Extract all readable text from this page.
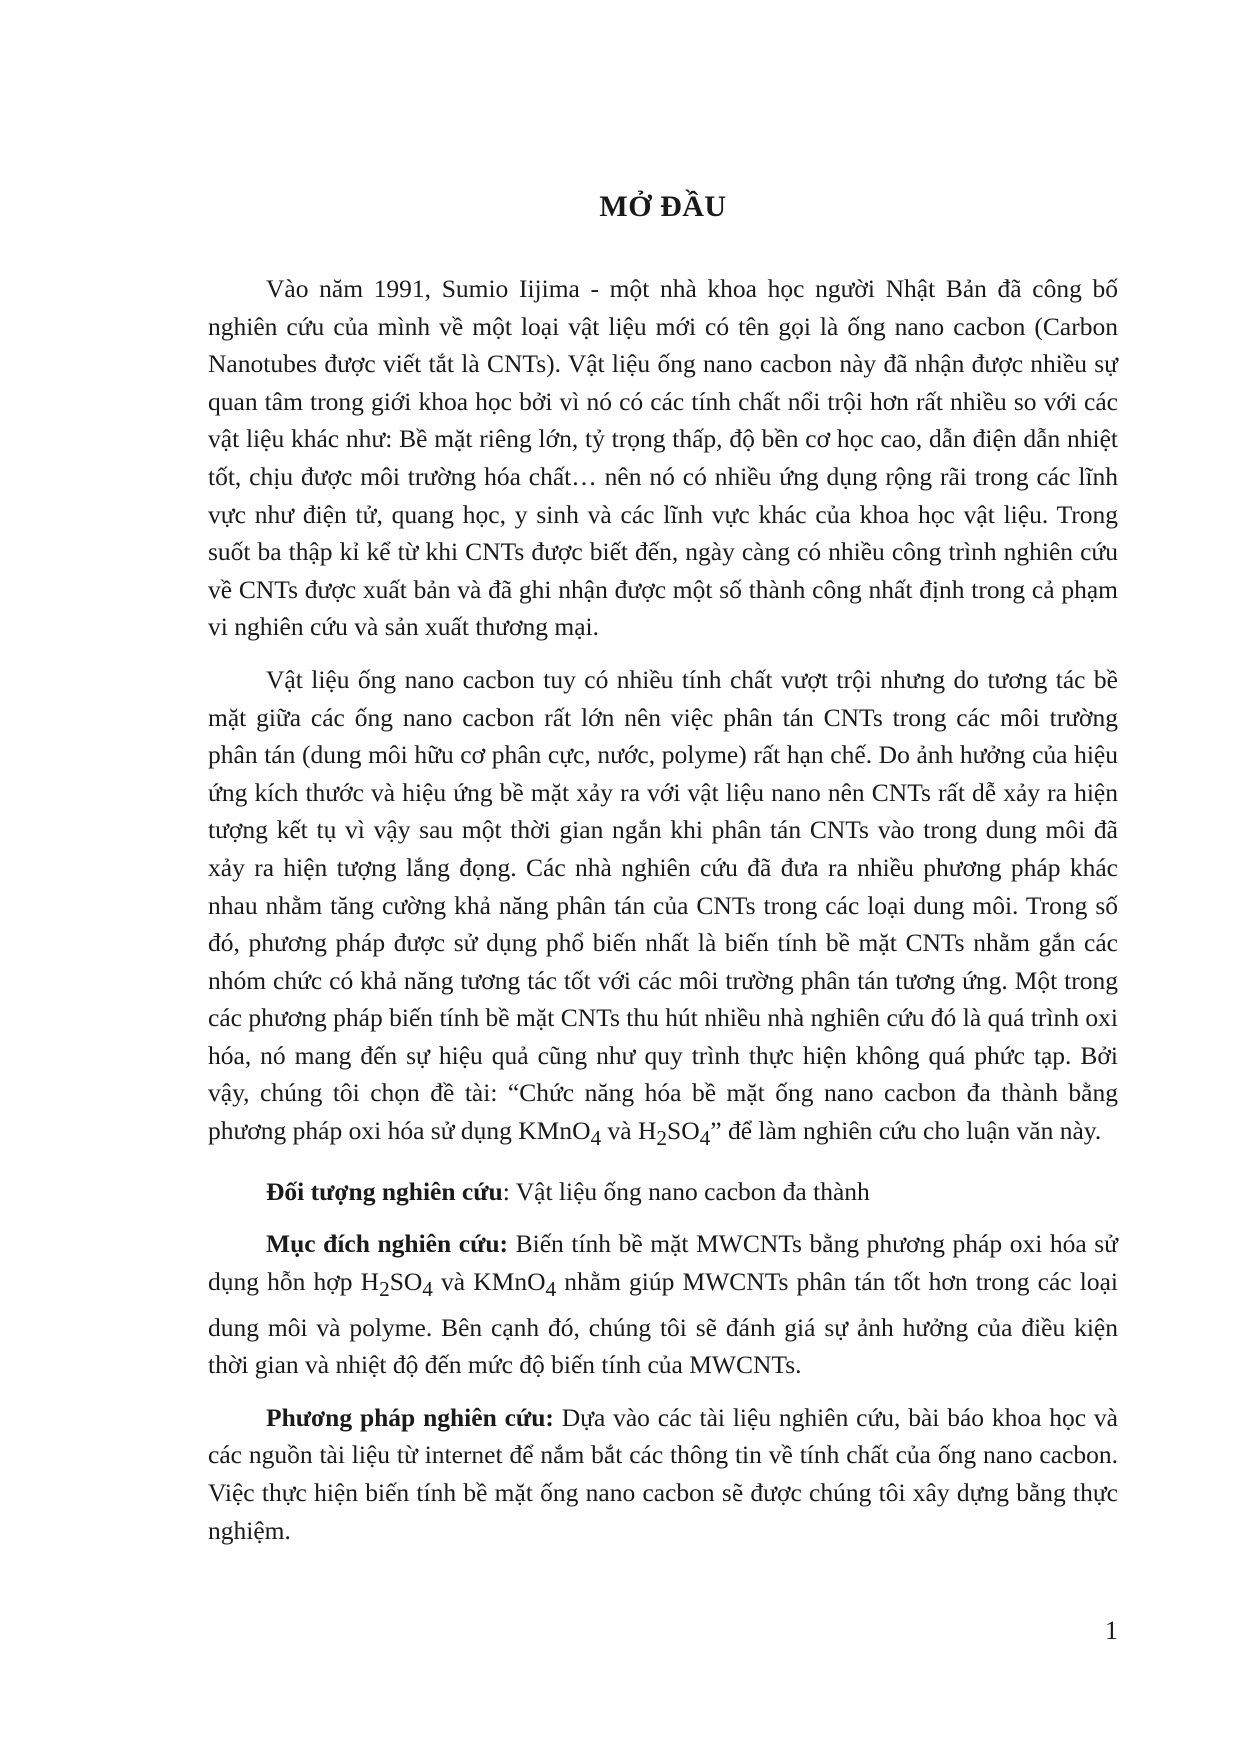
MỞ ĐẦU

Vào năm 1991, Sumio Iijima - một nhà khoa học người Nhật Bản đã công bố nghiên cứu của mình về một loại vật liệu mới có tên gọi là ống nano cacbon (Carbon Nanotubes được viết tắt là CNTs). Vật liệu ống nano cacbon này đã nhận được nhiều sự quan tâm trong giới khoa học bởi vì nó có các tính chất nổi trội hơn rất nhiều so với các vật liệu khác như: Bề mặt riêng lớn, tỷ trọng thấp, độ bền cơ học cao, dẫn điện dẫn nhiệt tốt, chịu được môi trường hóa chất… nên nó có nhiều ứng dụng rộng rãi trong các lĩnh vực như điện tử, quang học, y sinh và các lĩnh vực khác của khoa học vật liệu. Trong suốt ba thập kỉ kể từ khi CNTs được biết đến, ngày càng có nhiều công trình nghiên cứu về CNTs được xuất bản và đã ghi nhận được một số thành công nhất định trong cả phạm vi nghiên cứu và sản xuất thương mại.

Vật liệu ống nano cacbon tuy có nhiều tính chất vượt trội nhưng do tương tác bề mặt giữa các ống nano cacbon rất lớn nên việc phân tán CNTs trong các môi trường phân tán (dung môi hữu cơ phân cực, nước, polyme) rất hạn chế. Do ảnh hưởng của hiệu ứng kích thước và hiệu ứng bề mặt xảy ra với vật liệu nano nên CNTs rất dễ xảy ra hiện tượng kết tụ vì vậy sau một thời gian ngắn khi phân tán CNTs vào trong dung môi đã xảy ra hiện tượng lắng đọng. Các nhà nghiên cứu đã đưa ra nhiều phương pháp khác nhau nhằm tăng cường khả năng phân tán của CNTs trong các loại dung môi. Trong số đó, phương pháp được sử dụng phổ biến nhất là biến tính bề mặt CNTs nhằm gắn các nhóm chức có khả năng tương tác tốt với các môi trường phân tán tương ứng. Một trong các phương pháp biến tính bề mặt CNTs thu hút nhiều nhà nghiên cứu đó là quá trình oxi hóa, nó mang đến sự hiệu quả cũng như quy trình thực hiện không quá phức tạp. Bởi vậy, chúng tôi chọn đề tài: “Chức năng hóa bề mặt ống nano cacbon đa thành bằng phương pháp oxi hóa sử dụng KMnO$_4$ và $H_2SO_4$” để làm nghiên cứu cho luận văn này.

Đối tượng nghiên cứu: Vật liệu ống nano cacbon đa thành

Mục đích nghiên cứu: Biến tính bề mặt MWCNTs bằng phương pháp oxi hóa sử dụng hỗn hợp $H_2SO_4$ và KMnO$_4$ nhằm giúp MWCNTs phân tán tốt hơn trong các loại dung môi và polyme. Bên cạnh đó, chúng tôi sẽ đánh giá sự ảnh hưởng của điều kiện thời gian và nhiệt độ đến mức độ biến tính của MWCNTs.

Phương pháp nghiên cứu: Dựa vào các tài liệu nghiên cứu, bài báo khoa học và các nguồn tài liệu từ internet để nắm bắt các thông tin về tính chất của ống nano cacbon. Việc thực hiện biến tính bề mặt ống nano cacbon sẽ được chúng tôi xây dựng bằng thực nghiệm.

1
